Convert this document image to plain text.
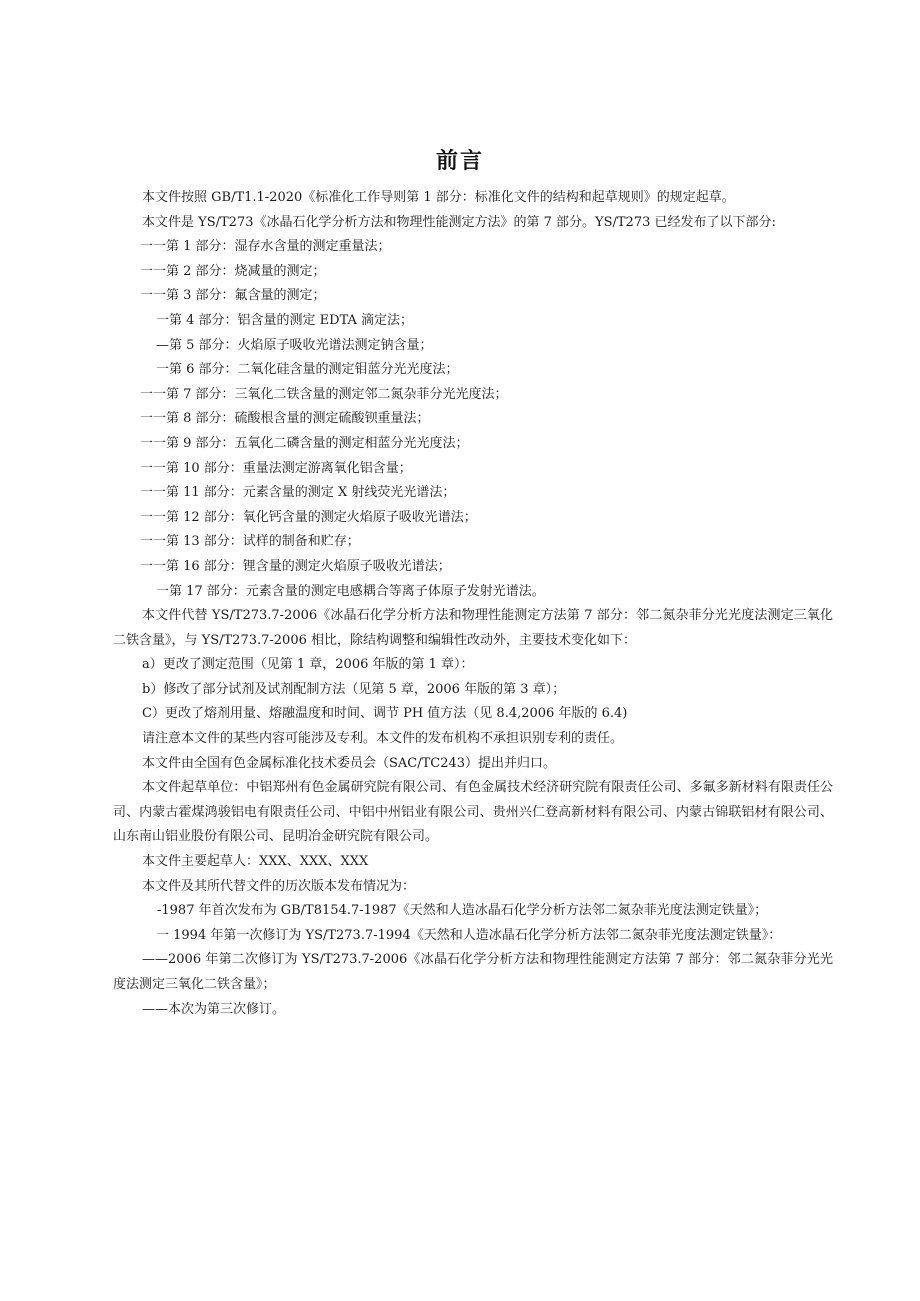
前言

本文件按照 GB/T1.1-2020《标准化工作导则第 1 部分：标准化文件的结构和起草规则》的规定起草。

本文件是 YS/T273《冰晶石化学分析方法和物理性能测定方法》的第 7 部分。YS/T273 已经发布了以下部分:

一一第 1 部分：湿存水含量的测定重量法；

一一第 2 部分：烧减量的测定；

一一第 3 部分：氟含量的测定；

一第 4 部分：铝含量的测定 EDTA 滴定法；

—第 5 部分：火焰原子吸收光谱法测定钠含量；

一第 6 部分：二氧化硅含量的测定钼蓝分光光度法；

一一第 7 部分：三氧化二铁含量的测定邻二氮杂菲分光光度法；

一一第 8 部分：硫酸根含量的测定硫酸钡重量法；

一一第 9 部分：五氧化二磷含量的测定相蓝分光光度法；

一一第 10 部分：重量法测定游离氧化铝含量；

一一第 11 部分：元素含量的测定 X 射线荧光光谱法；

一一第 12 部分：氧化钙含量的测定火焰原子吸收光谱法；

一一第 13 部分：试样的制备和贮存；

一一第 16 部分：锂含量的测定火焰原子吸收光谱法；

一第 17 部分：元素含量的测定电感耦合等离子体原子发射光谱法。

本文件代替 YS/T273.7-2006《冰晶石化学分析方法和物理性能测定方法第 7 部分：邻二氮杂菲分光光度法测定三氧化二铁含量》，与 YS/T273.7-2006 相比，除结构调整和编辑性改动外，主要技术变化如下：

a）更改了测定范围（见第 1 章，2006 年版的第 1 章）：

b）修改了部分试剂及试剂配制方法（见第 5 章，2006 年版的第 3 章）；

C）更改了熔剂用量、熔融温度和时间、调节 PH 值方法（见 8.4,2006 年版的 6.4)

请注意本文件的某些内容可能涉及专利。本文件的发布机构不承担识别专利的责任。

本文件由全国有色金属标准化技术委员会（SAC/TC243）提出并归口。

本文件起草单位：中铝郑州有色金属研究院有限公司、有色金属技术经济研究院有限责任公司、多氟多新材料有限责任公司、内蒙古霍煤鸿骏铝电有限责任公司、中铝中州铝业有限公司、贵州兴仁登高新材料有限公司、内蒙古锦联铝材有限公司、山东南山铝业股份有限公司、昆明冶金研究院有限公司。

本文件主要起草人：XXX、XXX、XXX

本文件及其所代替文件的历次版本发布情况为：

-1987 年首次发布为 GB/T8154.7-1987《天然和人造冰晶石化学分析方法邻二氮杂菲光度法测定铁量》；

一 1994 年第一次修订为 YS/T273.7-1994《天然和人造冰晶石化学分析方法邻二氮杂菲光度法测定铁量》：

——2006 年第二次修订为 YS/T273.7-2006《冰晶石化学分析方法和物理性能测定方法第 7 部分：邻二氮杂菲分光光度法测定三氧化二铁含量》；

——本次为第三次修订。
